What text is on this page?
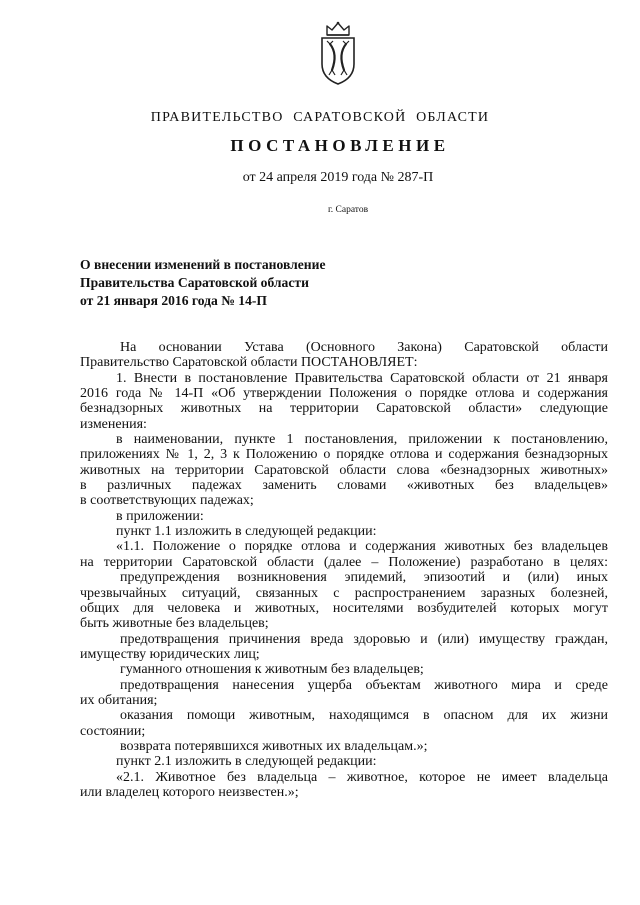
ПРАВИТЕЛЬСТВО САРАТОВСКОЙ ОБЛАСТИ
ПОСТАНОВЛЕНИЕ
от 24 апреля 2019 года № 287-П
г. Саратов
О внесении изменений в постановление
Правительства Саратовской области
от 21 января 2016 года № 14-П
На основании Устава (Основного Закона) Саратовской области
Правительство Саратовской области ПОСТАНОВЛЯЕТ:
1. Внести в постановление Правительства Саратовской области от 21 января
2016 года № 14-П «Об утверждении Положения о порядке отлова и содержания
безнадзорных животных на территории Саратовской области» следующие
изменения:
в наименовании, пункте 1 постановления, приложении к постановлению,
приложениях № 1, 2, 3 к Положению о порядке отлова и содержания безнадзорных
животных на территории Саратовской области слова «безнадзорных животных»
в различных падежах заменить словами «животных без владельцев»
в соответствующих падежах;
в приложении:
пункт 1.1 изложить в следующей редакции:
«1.1. Положение о порядке отлова и содержания животных без владельцев
на территории Саратовской области (далее – Положение) разработано в целях:
предупреждения возникновения эпидемий, эпизоотий и (или) иных
чрезвычайных ситуаций, связанных с распространением заразных болезней,
общих для человека и животных, носителями возбудителей которых могут
быть животные без владельцев;
предотвращения причинения вреда здоровью и (или) имуществу граждан,
имуществу юридических лиц;
гуманного отношения к животным без владельцев;
предотвращения нанесения ущерба объектам животного мира и среде
их обитания;
оказания помощи животным, находящимся в опасном для их жизни
состоянии;
возврата потерявшихся животных их владельцам.»;
пункт 2.1 изложить в следующей редакции:
«2.1. Животное без владельца – животное, которое не имеет владельца
или владелец которого неизвестен.»;
